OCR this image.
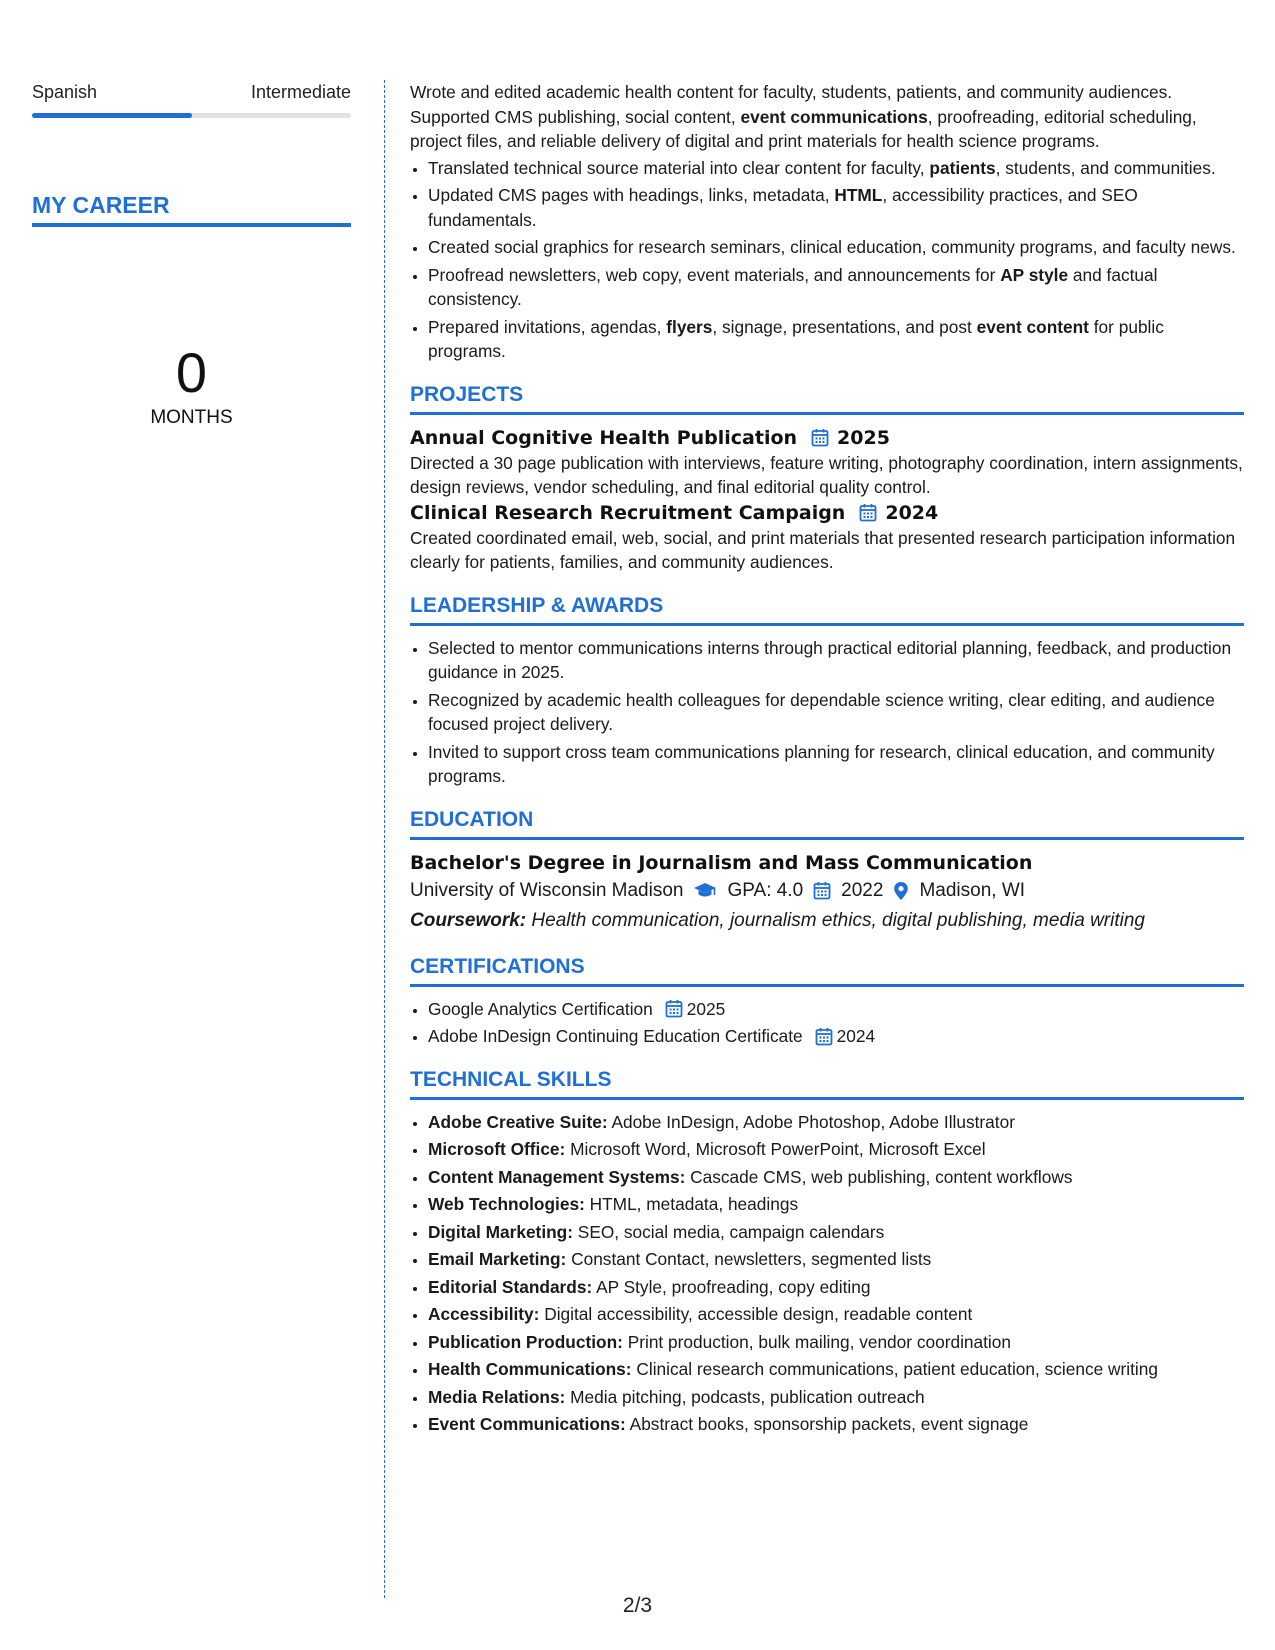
Spanish	Intermediate
MY CAREER
0
MONTHS

Wrote and edited academic health content for faculty, students, patients, and community audiences. Supported CMS publishing, social content, event communications, proofreading, editorial scheduling, project files, and reliable delivery of digital and print materials for health science programs.

• Translated technical source material into clear content for faculty, patients, students, and communities.
• Updated CMS pages with headings, links, metadata, HTML, accessibility practices, and SEO fundamentals.
• Created social graphics for research seminars, clinical education, community programs, and faculty news.
• Proofread newsletters, web copy, event materials, and announcements for AP style and factual consistency.
• Prepared invitations, agendas, flyers, signage, presentations, and post event content for public programs.
PROJECTS
Annual Cognitive Health Publication 2025

Directed a 30 page publication with interviews, feature writing, photography coordination, intern assignments, design reviews, vendor scheduling, and final editorial quality control.

Clinical Research Recruitment Campaign 2024

Created coordinated email, web, social, and print materials that presented research participation information clearly for patients, families, and community audiences.

LEADERSHIP & AWARDS
• Selected to mentor communications interns through practical editorial planning, feedback, and production guidance in 2025.
• Recognized by academic health colleagues for dependable science writing, clear editing, and audience focused project delivery.
• Invited to support cross team communications planning for research, clinical education, and community programs.
EDUCATION
Bachelor's Degree in Journalism and Mass Communication
University of Wisconsin Madison GPA: 4.0 2022 Madison, WI
Coursework: Health communication, journalism ethics, digital publishing, media writing
CERTIFICATIONS
• Google Analytics Certification 2025
• Adobe InDesign Continuing Education Certificate 2024
TECHNICAL SKILLS
• Adobe Creative Suite: Adobe InDesign, Adobe Photoshop, Adobe Illustrator
• Microsoft Office: Microsoft Word, Microsoft PowerPoint, Microsoft Excel
• Content Management Systems: Cascade CMS, web publishing, content workflows
• Web Technologies: HTML, metadata, headings
• Digital Marketing: SEO, social media, campaign calendars
• Email Marketing: Constant Contact, newsletters, segmented lists
• Editorial Standards: AP Style, proofreading, copy editing
• Accessibility: Digital accessibility, accessible design, readable content
• Publication Production: Print production, bulk mailing, vendor coordination
• Health Communications: Clinical research communications, patient education, science writing
• Media Relations: Media pitching, podcasts, publication outreach
• Event Communications: Abstract books, sponsorship packets, event signage
2/3
